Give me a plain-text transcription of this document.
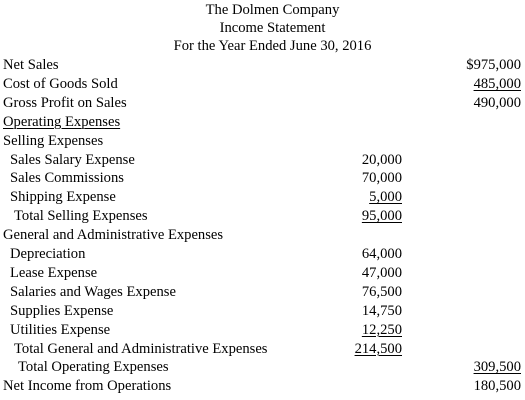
The Dolmen Company
Income Statement
For the Year Ended June 30, 2016
Net Sales	$975,000
Cost of Goods Sold	485,000
Gross Profit on Sales	490,000
Operating Expenses
Selling Expenses
Sales Salary Expense	20,000
Sales Commissions	70,000
Shipping Expense	5,000
Total Selling Expenses	95,000
General and Administrative Expenses
Depreciation	64,000
Lease Expense	47,000
Salaries and Wages Expense	76,500
Supplies Expense	14,750
Utilities Expense	12,250
Total General and Administrative Expenses	214,500
Total Operating Expenses	309,500
Net Income from Operations	180,500
